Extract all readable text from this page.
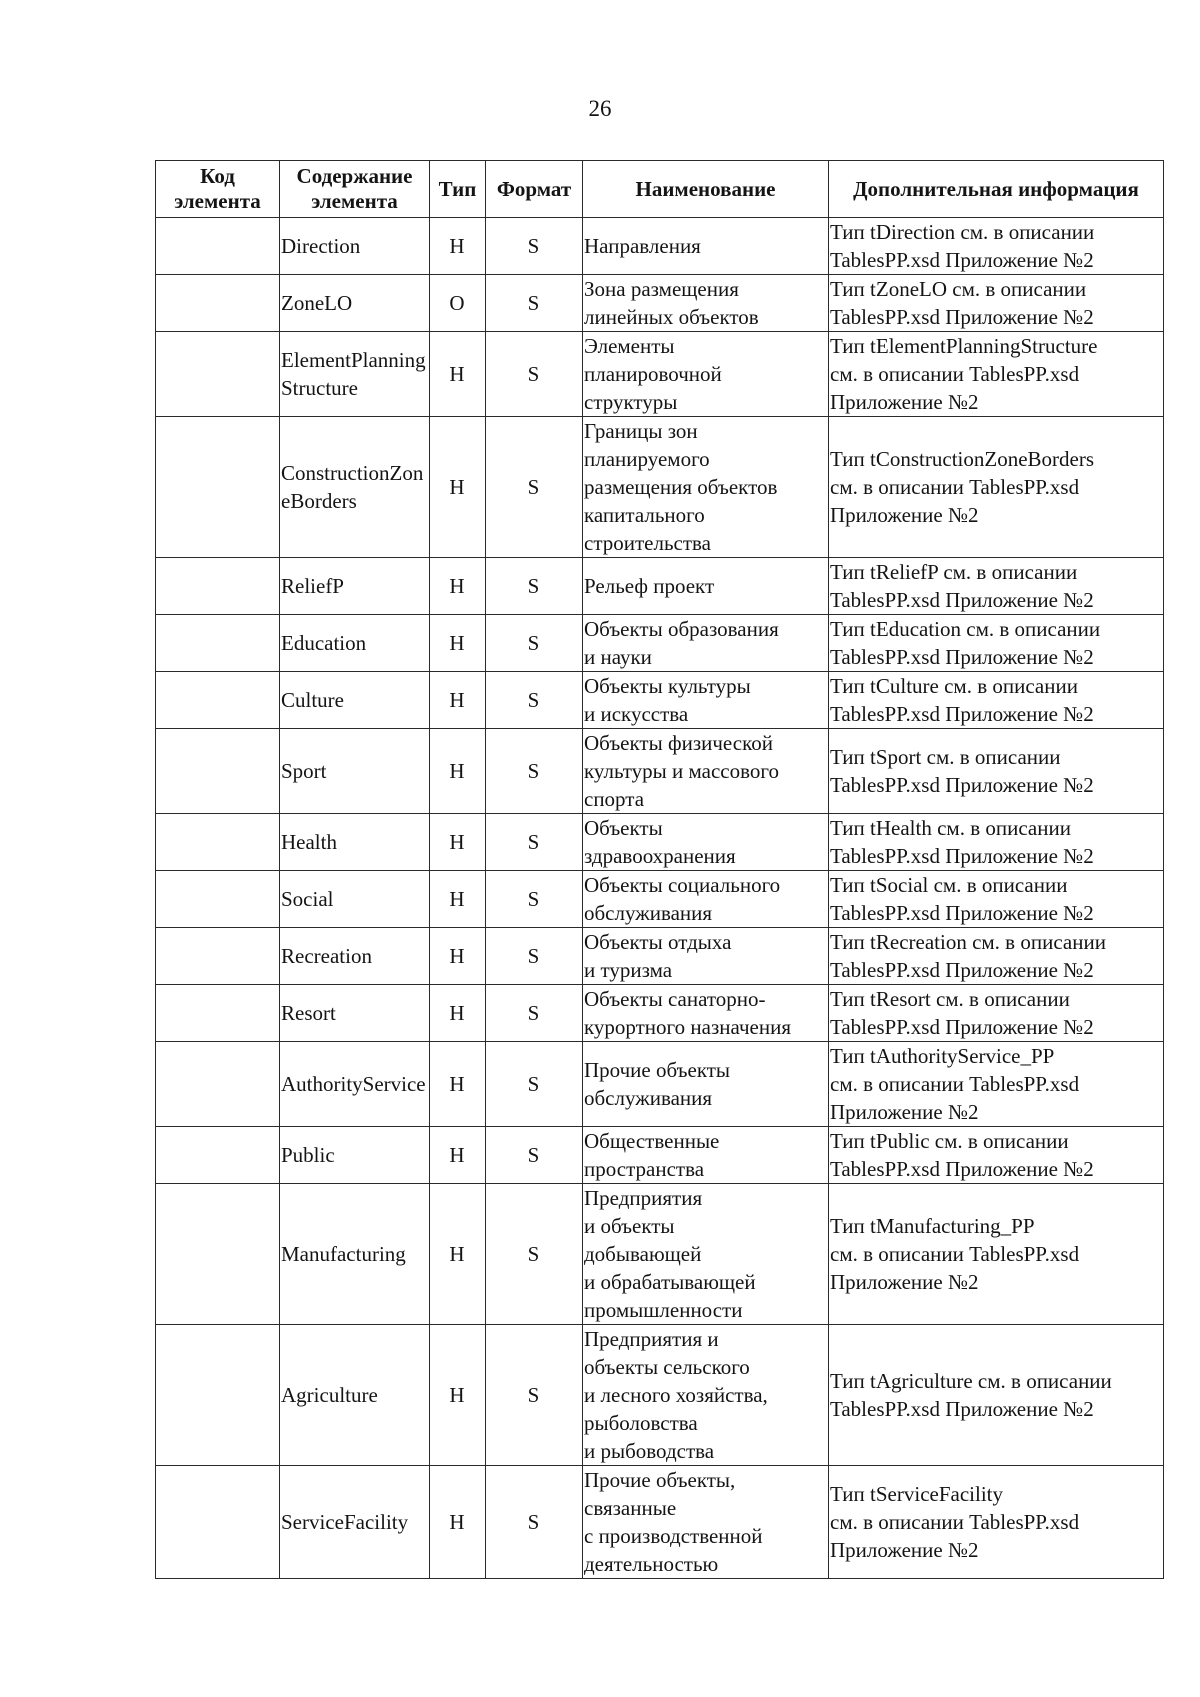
26
Код элемента	Содержание элемента	Тип	Формат	Наименование	Дополнительная информация
	Direction	Н	S	Направления	Тип tDirection см. в описании
TablesPP.xsd Приложение №2
	ZoneLO	О	S	Зона размещения
линейных объектов	Тип tZoneLO см. в описании
TablesPP.xsd Приложение №2
	ElementPlanningStructure	Н	S	Элементы
планировочной
структуры	Тип tElementPlanningStructure
см. в описании TablesPP.xsd
Приложение №2
	ConstructionZoneBorders	Н	S	Границы зон
планируемого
размещения объектов
капитального
строительства	Тип tConstructionZoneBorders
см. в описании TablesPP.xsd
Приложение №2
	ReliefP	Н	S	Рельеф проект	Тип tReliefP см. в описании
TablesPP.xsd Приложение №2
	Education	Н	S	Объекты образования
и науки	Тип tEducation см. в описании
TablesPP.xsd Приложение №2
	Culture	Н	S	Объекты культуры
и искусства	Тип tCulture см. в описании
TablesPP.xsd Приложение №2
	Sport	Н	S	Объекты физической
культуры и массового
спорта	Тип tSport см. в описании
TablesPP.xsd Приложение №2
	Health	Н	S	Объекты
здравоохранения	Тип tHealth см. в описании
TablesPP.xsd Приложение №2
	Social	Н	S	Объекты социального
обслуживания	Тип tSocial см. в описании
TablesPP.xsd Приложение №2
	Recreation	Н	S	Объекты отдыха
и туризма	Тип tRecreation см. в описании
TablesPP.xsd Приложение №2
	Resort	Н	S	Объекты санаторно-
курортного назначения	Тип tResort см. в описании
TablesPP.xsd Приложение №2
	AuthorityService	Н	S	Прочие объекты
обслуживания	Тип tAuthorityService_PP
см. в описании TablesPP.xsd
Приложение №2
	Public	Н	S	Общественные
пространства	Тип tPublic см. в описании
TablesPP.xsd Приложение №2
	Manufacturing	Н	S	Предприятия
и объекты
добывающей
и обрабатывающей
промышленности	Тип tManufacturing_PP
см. в описании TablesPP.xsd
Приложение №2
	Agriculture	Н	S	Предприятия и
объекты сельского
и лесного хозяйства,
рыболовства
и рыбоводства	Тип tAgriculture см. в описании
TablesPP.xsd Приложение №2
	ServiceFacility	Н	S	Прочие объекты,
связанные
с производственной
деятельностью	Тип tServiceFacility
см. в описании TablesPP.xsd
Приложение №2
